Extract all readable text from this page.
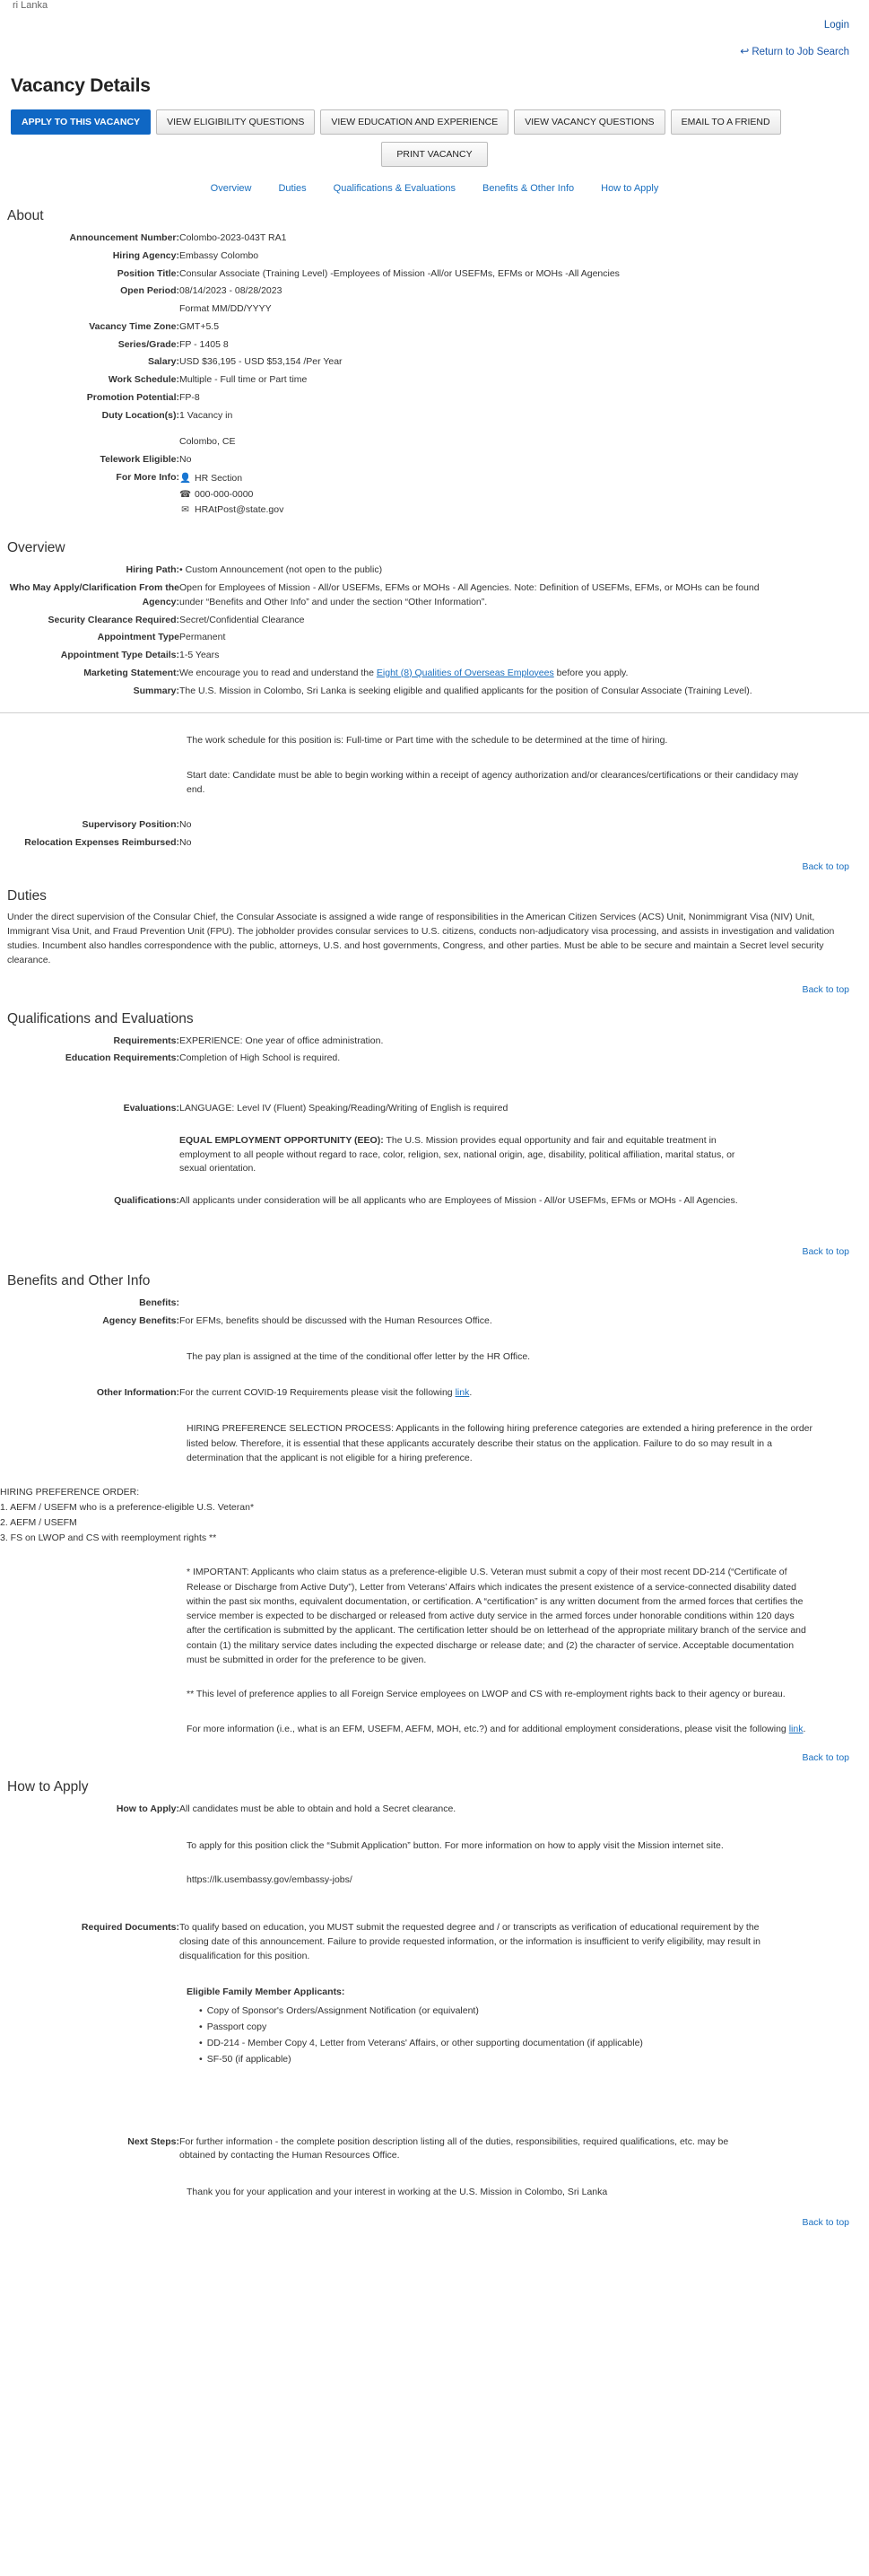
ri Lanka
Login
↩ Return to Job Search
Vacancy Details
APPLY TO THIS VACANCY	VIEW ELIGIBILITY QUESTIONS	VIEW EDUCATION AND EXPERIENCE	VIEW VACANCY QUESTIONS	EMAIL TO A FRIEND
PRINT VACANCY
Overview	Duties	Qualifications & Evaluations	Benefits & Other Info	How to Apply
About
Announcement Number:	Colombo-2023-043T RA1
Hiring Agency:	Embassy Colombo
Position Title:	Consular Associate (Training Level) -Employees of Mission -All/or USEFMs, EFMs or MOHs -All Agencies
Open Period:	08/14/2023 - 08/28/2023
	Format MM/DD/YYYY
Vacancy Time Zone:	GMT+5.5
Series/Grade:	FP - 1405 8
Salary:	USD $36,195 - USD $53,154 /Per Year
Work Schedule:	Multiple - Full time or Part time
Promotion Potential:	FP-8
Duty Location(s):	1 Vacancy in
	Colombo, CE
Telework Eligible:	No
For More Info:	👤 HR Section
☎ 000-000-0000
✉ HRAtPost@state.gov
Overview
Hiring Path:	• Custom Announcement (not open to the public)
Who May Apply/Clarification From the Agency:	Open for Employees of Mission - All/or USEFMs, EFMs or MOHs - All Agencies. Note: Definition of USEFMs, EFMs, or MOHs can be found under “Benefits and Other Info” and under the section “Other Information”.
Security Clearance Required:	Secret/Confidential Clearance
Appointment Type	Permanent
Appointment Type Details:	1-5 Years
Marketing Statement:	We encourage you to read and understand the Eight (8) Qualities of Overseas Employees before you apply.
Summary:	The U.S. Mission in Colombo, Sri Lanka is seeking eligible and qualified applicants for the position of Consular Associate (Training Level).
The work schedule for this position is: Full-time or Part time with the schedule to be determined at the time of hiring.
Start date: Candidate must be able to begin working within a receipt of agency authorization and/or clearances/certifications or their candidacy may end.
Supervisory Position:	No
Relocation Expenses Reimbursed:	No
Back to top
Duties
Under the direct supervision of the Consular Chief, the Consular Associate is assigned a wide range of responsibilities in the American Citizen Services (ACS) Unit, Nonimmigrant Visa (NIV) Unit, Immigrant Visa Unit, and Fraud Prevention Unit (FPU). The jobholder provides consular services to U.S. citizens, conducts non-adjudicatory visa processing, and assists in investigation and validation studies. Incumbent also handles correspondence with the public, attorneys, U.S. and host governments, Congress, and other parties. Must be able to be secure and maintain a Secret level security clearance.
Back to top
Qualifications and Evaluations
Requirements:	EXPERIENCE: One year of office administration.
Education Requirements:	Completion of High School is required.
Evaluations:	LANGUAGE: Level IV (Fluent) Speaking/Reading/Writing of English is required
	EQUAL EMPLOYMENT OPPORTUNITY (EEO): The U.S. Mission provides equal opportunity and fair and equitable treatment in employment to all people without regard to race, color, religion, sex, national origin, age, disability, political affiliation, marital status, or sexual orientation.
Qualifications:	All applicants under consideration will be all applicants who are Employees of Mission - All/or USEFMs, EFMs or MOHs - All Agencies.
Back to top
Benefits and Other Info
Benefits:	
Agency Benefits:	For EFMs, benefits should be discussed with the Human Resources Office.
The pay plan is assigned at the time of the conditional offer letter by the HR Office.
Other Information:	For the current COVID-19 Requirements please visit the following link.
HIRING PREFERENCE SELECTION PROCESS: Applicants in the following hiring preference categories are extended a hiring preference in the order listed below. Therefore, it is essential that these applicants accurately describe their status on the application. Failure to do so may result in a determination that the applicant is not eligible for a hiring preference.
HIRING PREFERENCE ORDER:
1. AEFM / USEFM who is a preference-eligible U.S. Veteran*
2. AEFM / USEFM
3. FS on LWOP and CS with reemployment rights **
* IMPORTANT: Applicants who claim status as a preference-eligible U.S. Veteran must submit a copy of their most recent DD-214 (“Certificate of Release or Discharge from Active Duty”), Letter from Veterans’ Affairs which indicates the present existence of a service-connected disability dated within the past six months, equivalent documentation, or certification. A “certification” is any written document from the armed forces that certifies the service member is expected to be discharged or released from active duty service in the armed forces under honorable conditions within 120 days after the certification is submitted by the applicant. The certification letter should be on letterhead of the appropriate military branch of the service and contain (1) the military service dates including the expected discharge or release date; and (2) the character of service. Acceptable documentation must be submitted in order for the preference to be given.
** This level of preference applies to all Foreign Service employees on LWOP and CS with re-employment rights back to their agency or bureau.
For more information (i.e., what is an EFM, USEFM, AEFM, MOH, etc.?) and for additional employment considerations, please visit the following link.
Back to top
How to Apply
How to Apply:	All candidates must be able to obtain and hold a Secret clearance.
To apply for this position click the “Submit Application” button. For more information on how to apply visit the Mission internet site.
https://lk.usembassy.gov/embassy-jobs/
Required Documents:	To qualify based on education, you MUST submit the requested degree and / or transcripts as verification of educational requirement by the closing date of this announcement. Failure to provide requested information, or the information is insufficient to verify eligibility, may result in disqualification for this position.
Eligible Family Member Applicants:
• Copy of Sponsor's Orders/Assignment Notification (or equivalent)
• Passport copy
• DD-214 - Member Copy 4, Letter from Veterans' Affairs, or other supporting documentation (if applicable)
• SF-50 (if applicable)
Next Steps:	For further information - the complete position description listing all of the duties, responsibilities, required qualifications, etc. may be obtained by contacting the Human Resources Office.
Thank you for your application and your interest in working at the U.S. Mission in Colombo, Sri Lanka
Back to top
